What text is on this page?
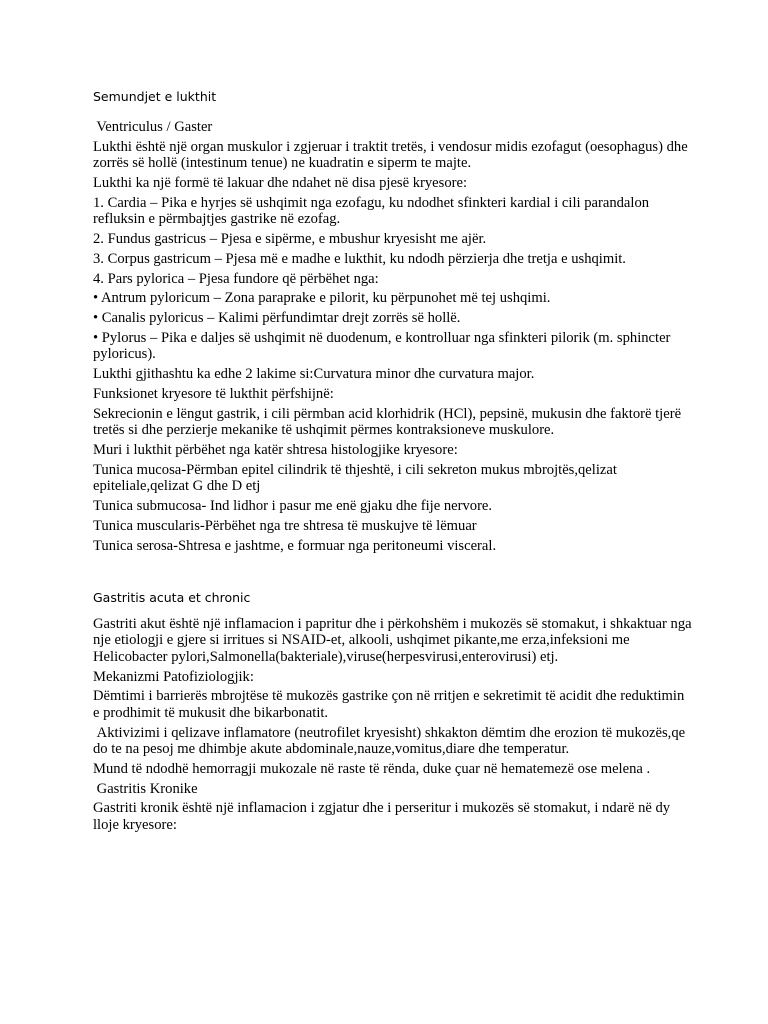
Semundjet e lukthit

Ventriculus / Gaster

Lukthi është një organ muskulor i zgjeruar i traktit tretës, i vendosur midis ezofagut (oesophagus) dhe zorrës së hollë (intestinum tenue) ne kuadratin e siperm te majte.

Lukthi ka një formë të lakuar dhe ndahet në disa pjesë kryesore:

1. Cardia – Pika e hyrjes së ushqimit nga ezofagu, ku ndodhet sfinkteri kardial i cili parandalon refluksin e përmbajtjes gastrike në ezofag.

2. Fundus gastricus – Pjesa e sipërme, e mbushur kryesisht me ajër.

3. Corpus gastricum – Pjesa më e madhe e lukthit, ku ndodh përzierja dhe tretja e ushqimit.

4. Pars pylorica – Pjesa fundore që përbëhet nga:

• Antrum pyloricum – Zona paraprake e pilorit, ku përpunohet më tej ushqimi.

• Canalis pyloricus – Kalimi përfundimtar drejt zorrës së hollë.

• Pylorus – Pika e daljes së ushqimit në duodenum, e kontrolluar nga sfinkteri pilorik (m. sphincter pyloricus).

Lukthi gjithashtu ka edhe 2 lakime si:Curvatura minor dhe curvatura major.

Funksionet kryesore të lukthit përfshijnë:

Sekrecionin e lëngut gastrik, i cili përmban acid klorhidrik (HCl), pepsinë, mukusin dhe faktorë tjerë tretës si dhe perzierje mekanike të ushqimit përmes kontraksioneve muskulore.

Muri i lukthit përbëhet nga katër shtresa histologjike kryesore:

Tunica mucosa-Përmban epitel cilindrik të thjeshtë, i cili sekreton mukus mbrojtës,qelizat epiteliale,qelizat G dhe D etj

Tunica submucosa- Ind lidhor i pasur me enë gjaku dhe fije nervore.

Tunica muscularis-Përbëhet nga tre shtresa të muskujve të lëmuar

Tunica serosa-Shtresa e jashtme, e formuar nga peritoneumi visceral.

Gastritis acuta et chronic

Gastriti akut është një inflamacion i papritur dhe i përkohshëm i mukozës së stomakut, i shkaktuar nga nje etiologji e gjere si irritues si NSAID-et, alkooli, ushqimet pikante,me erza,infeksioni me Helicobacter pylori,Salmonella(bakteriale),viruse(herpesvirusi,enterovirusi) etj.

Mekanizmi Patofiziologjik:

Dëmtimi i barrierës mbrojtëse të mukozës gastrike çon në rritjen e sekretimit të acidit dhe reduktimin e prodhimit të mukusit dhe bikarbonatit.

Aktivizimi i qelizave inflamatore (neutrofilet kryesisht) shkakton dëmtim dhe erozion të mukozës,qe do te na pesoj me dhimbje akute abdominale,nauze,vomitus,diare dhe temperatur.

Mund të ndodhë hemorragji mukozale në raste të rënda, duke çuar në hematemezë ose melena .

Gastritis Kronike

Gastriti kronik është një inflamacion i zgjatur dhe i perseritur i mukozës së stomakut, i ndarë në dy lloje kryesore:
